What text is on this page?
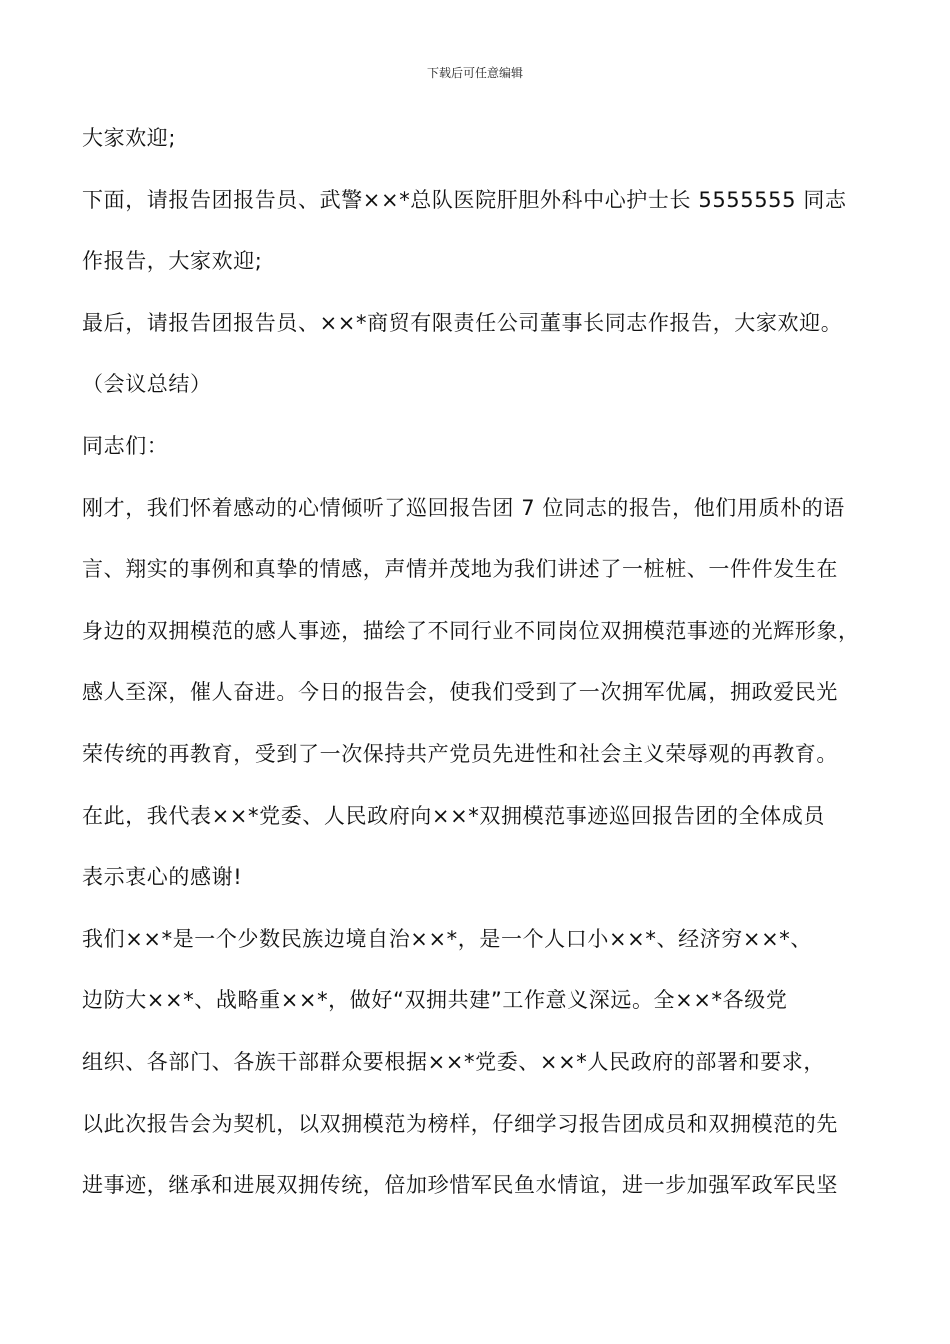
下载后可任意编辑
大家欢迎;
下面，请报告团报告员、武警××*总队医院肝胆外科中心护士长 5555555 同志
作报告，大家欢迎;
最后，请报告团报告员、××*商贸有限责任公司董事长同志作报告，大家欢迎。
（会议总结）
同志们：
刚才，我们怀着感动的心情倾听了巡回报告团 7 位同志的报告，他们用质朴的语
言、翔实的事例和真挚的情感，声情并茂地为我们讲述了一桩桩、一件件发生在
身边的双拥模范的感人事迹，描绘了不同行业不同岗位双拥模范事迹的光辉形象，
感人至深，催人奋进。今日的报告会，使我们受到了一次拥军优属，拥政爱民光
荣传统的再教育，受到了一次保持共产党员先进性和社会主义荣辱观的再教育。
在此，我代表××*党委、人民政府向××*双拥模范事迹巡回报告团的全体成员
表示衷心的感谢!
我们××*是一个少数民族边境自治××*，是一个人口小××*、经济穷××*、
边防大××*、战略重××*，做好“双拥共建”工作意义深远。全××*各级党
组织、各部门、各族干部群众要根据××*党委、××*人民政府的部署和要求，
以此次报告会为契机，以双拥模范为榜样，仔细学习报告团成员和双拥模范的先
进事迹，继承和进展双拥传统，倍加珍惜军民鱼水情谊，进一步加强军政军民坚
